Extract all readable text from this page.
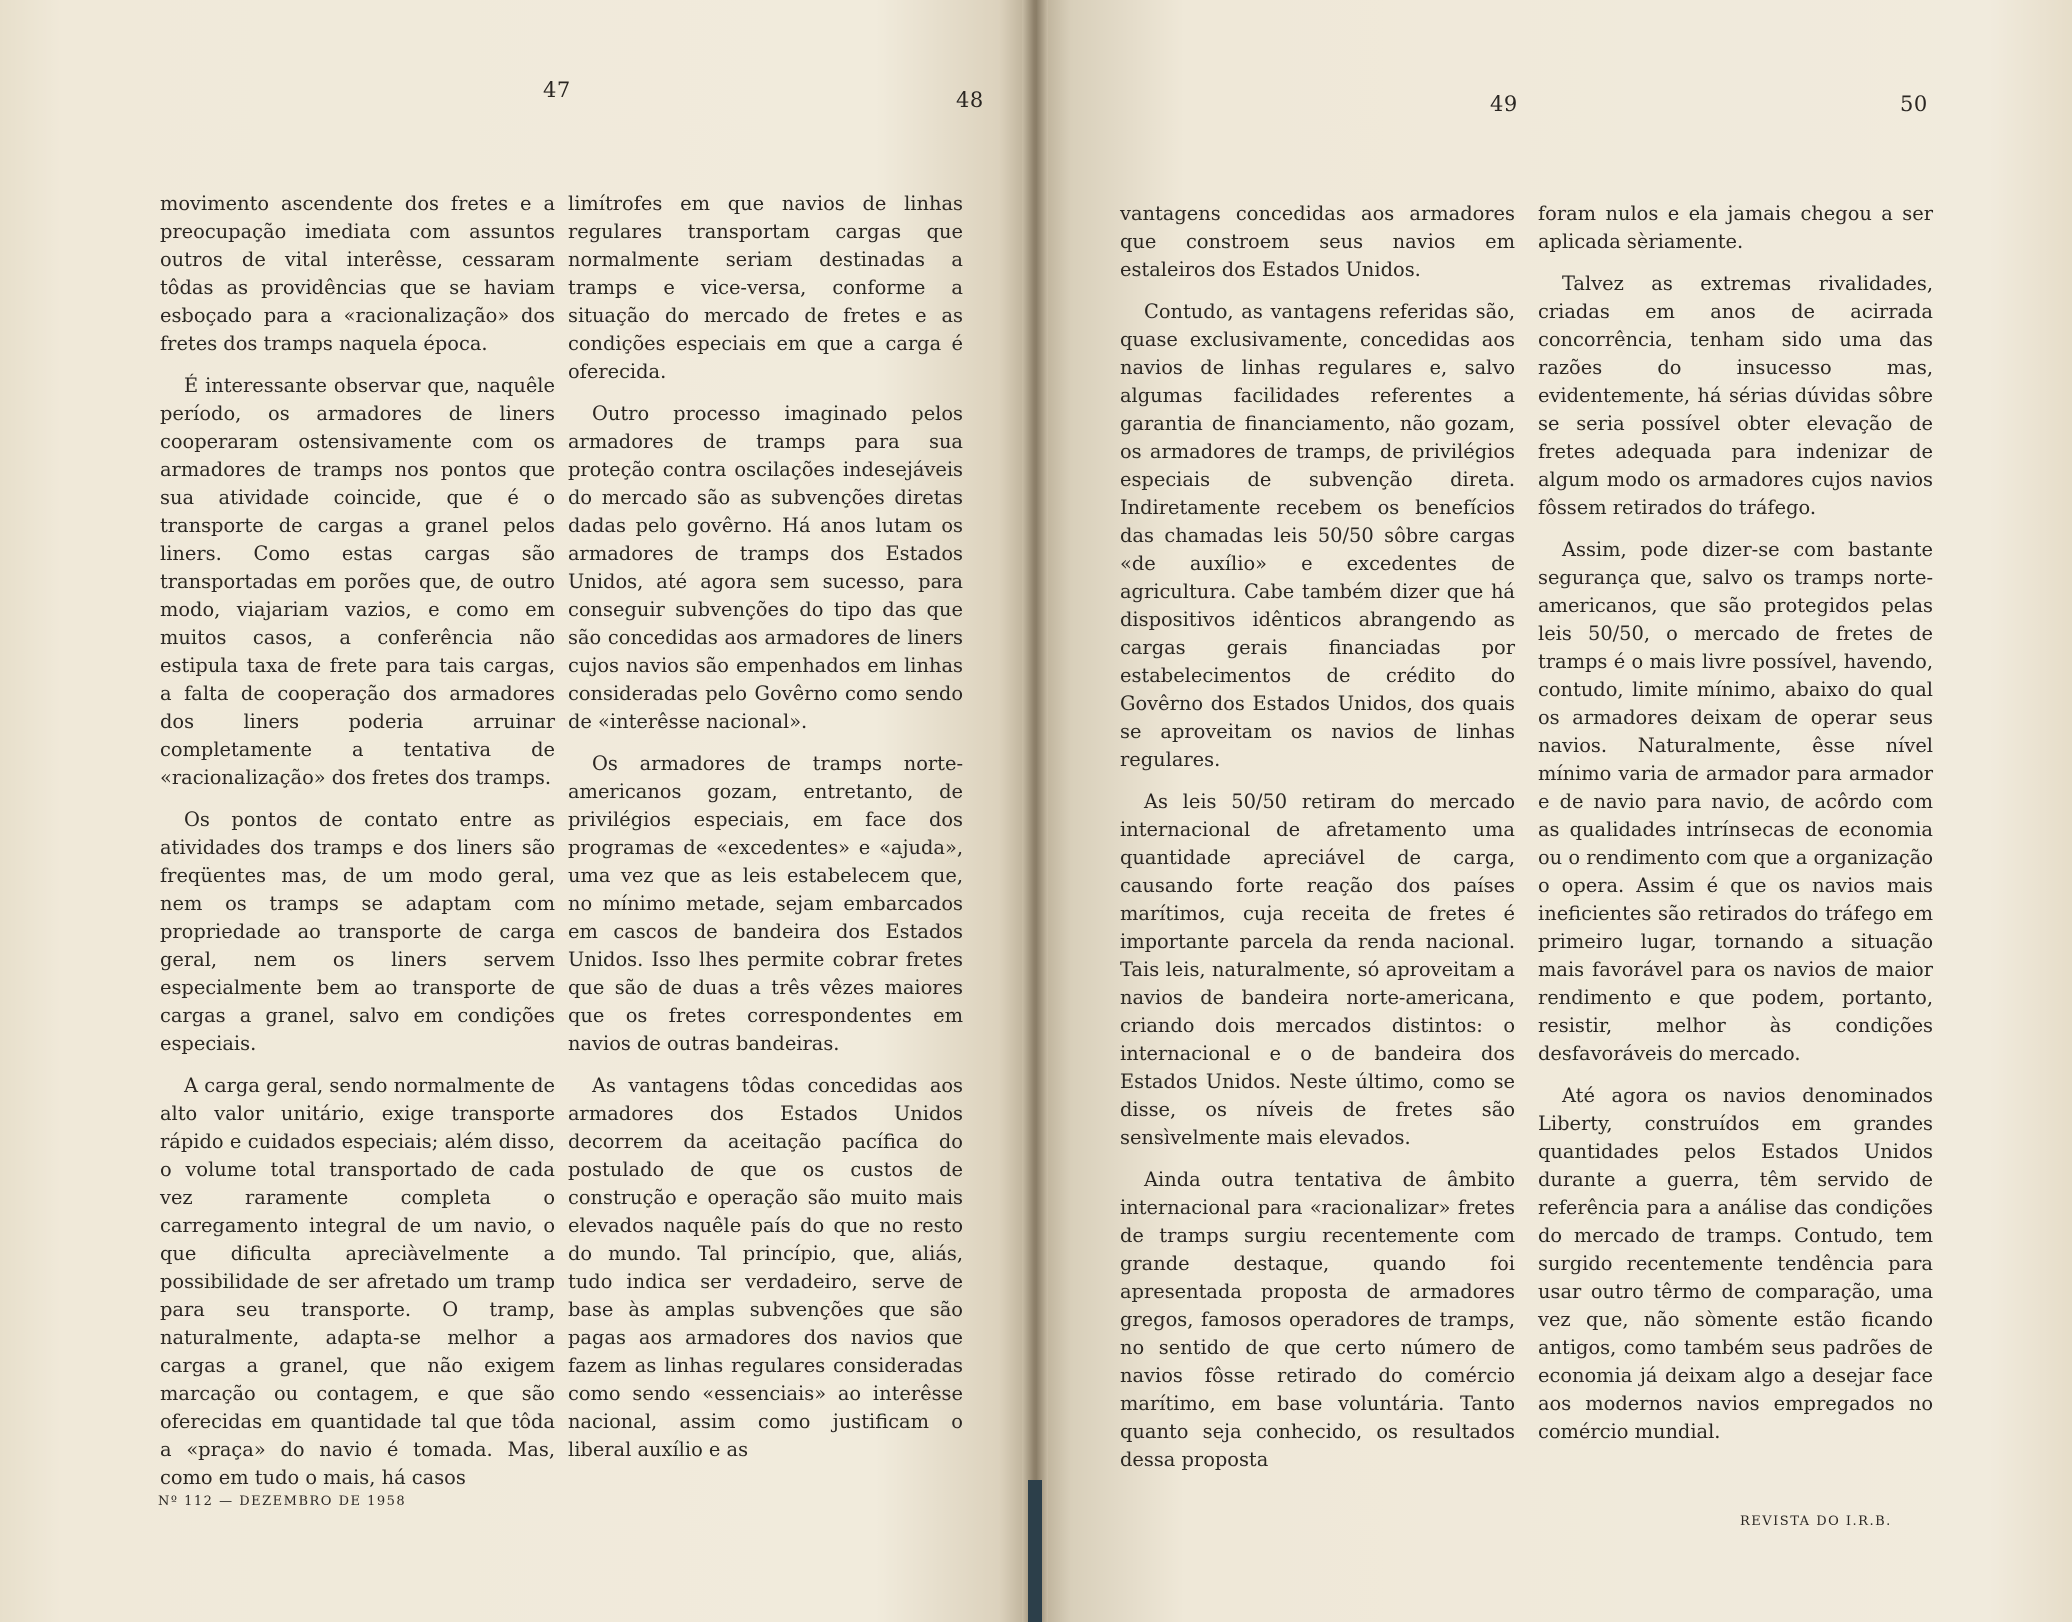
47	48	49	50

movimento ascendente dos fretes e a preocupação imediata com assuntos outros de vital interêsse, cessaram tôdas as providências que se haviam esboçado para a «racionalização» dos fretes dos tramps naquela época.

É interessante observar que, naquêle período, os armadores de liners cooperaram ostensivamente com os armadores de tramps nos pontos que sua atividade coincide, que é o transporte de cargas a granel pelos liners. Como estas cargas são transportadas em porões que, de outro modo, viajariam vazios, e como em muitos casos, a conferência não estipula taxa de frete para tais cargas, a falta de cooperação dos armadores dos liners poderia arruinar completamente a tentativa de «racionalização» dos fretes dos tramps.

Os pontos de contato entre as atividades dos tramps e dos liners são freqüentes mas, de um modo geral, nem os tramps se adaptam com propriedade ao transporte de carga geral, nem os liners servem especialmente bem ao transporte de cargas a granel, salvo em condições especiais.

A carga geral, sendo normalmente de alto valor unitário, exige transporte rápido e cuidados especiais; além disso, o volume total transportado de cada vez raramente completa o carregamento integral de um navio, o que dificulta apreciàvelmente a possibilidade de ser afretado um tramp para seu transporte. O tramp, naturalmente, adapta-se melhor a cargas a granel, que não exigem marcação ou contagem, e que são oferecidas em quantidade tal que tôda a «praça» do navio é tomada. Mas, como em tudo o mais, há casos

limítrofes em que navios de linhas regulares transportam cargas que normalmente seriam destinadas a tramps e vice-versa, conforme a situação do mercado de fretes e as condições especiais em que a carga é oferecida.

Outro processo imaginado pelos armadores de tramps para sua proteção contra oscilações indesejáveis do mercado são as subvenções diretas dadas pelo govêrno. Há anos lutam os armadores de tramps dos Estados Unidos, até agora sem sucesso, para conseguir subvenções do tipo das que são concedidas aos armadores de liners cujos navios são empenhados em linhas consideradas pelo Govêrno como sendo de «interêsse nacional».

Os armadores de tramps norte-americanos gozam, entretanto, de privilégios especiais, em face dos programas de «excedentes» e «ajuda», uma vez que as leis estabelecem que, no mínimo metade, sejam embarcados em cascos de bandeira dos Estados Unidos. Isso lhes permite cobrar fretes que são de duas a três vêzes maiores que os fretes correspondentes em navios de outras bandeiras.

As vantagens tôdas concedidas aos armadores dos Estados Unidos decorrem da aceitação pacífica do postulado de que os custos de construção e operação são muito mais elevados naquêle país do que no resto do mundo. Tal princípio, que, aliás, tudo indica ser verdadeiro, serve de base às amplas subvenções que são pagas aos armadores dos navios que fazem as linhas regulares consideradas como sendo «essenciais» ao interêsse nacional, assim como justificam o liberal auxílio e as

vantagens concedidas aos armadores que constroem seus navios em estaleiros dos Estados Unidos.

Contudo, as vantagens referidas são, quase exclusivamente, concedidas aos navios de linhas regulares e, salvo algumas facilidades referentes a garantia de financiamento, não gozam, os armadores de tramps, de privilégios especiais de subvenção direta. Indiretamente recebem os benefícios das chamadas leis 50/50 sôbre cargas «de auxílio» e excedentes de agricultura. Cabe também dizer que há dispositivos idênticos abrangendo as cargas gerais financiadas por estabelecimentos de crédito do Govêrno dos Estados Unidos, dos quais se aproveitam os navios de linhas regulares.

As leis 50/50 retiram do mercado internacional de afretamento uma quantidade apreciável de carga, causando forte reação dos países marítimos, cuja receita de fretes é importante parcela da renda nacional. Tais leis, naturalmente, só aproveitam a navios de bandeira norte-americana, criando dois mercados distintos: o internacional e o de bandeira dos Estados Unidos. Neste último, como se disse, os níveis de fretes são sensìvelmente mais elevados.

Ainda outra tentativa de âmbito internacional para «racionalizar» fretes de tramps surgiu recentemente com grande destaque, quando foi apresentada proposta de armadores gregos, famosos operadores de tramps, no sentido de que certo número de navios fôsse retirado do comércio marítimo, em base voluntária. Tanto quanto seja conhecido, os resultados dessa proposta

foram nulos e ela jamais chegou a ser aplicada sèriamente.

Talvez as extremas rivalidades, criadas em anos de acirrada concorrência, tenham sido uma das razões do insucesso mas, evidentemente, há sérias dúvidas sôbre se seria possível obter elevação de fretes adequada para indenizar de algum modo os armadores cujos navios fôssem retirados do tráfego.

Assim, pode dizer-se com bastante segurança que, salvo os tramps norte-americanos, que são protegidos pelas leis 50/50, o mercado de fretes de tramps é o mais livre possível, havendo, contudo, limite mínimo, abaixo do qual os armadores deixam de operar seus navios. Naturalmente, êsse nível mínimo varia de armador para armador e de navio para navio, de acôrdo com as qualidades intrínsecas de economia ou o rendimento com que a organização o opera. Assim é que os navios mais ineficientes são retirados do tráfego em primeiro lugar, tornando a situação mais favorável para os navios de maior rendimento e que podem, portanto, resistir, melhor às condições desfavoráveis do mercado.

Até agora os navios denominados Liberty, construídos em grandes quantidades pelos Estados Unidos durante a guerra, têm servido de referência para a análise das condições do mercado de tramps. Contudo, tem surgido recentemente tendência para usar outro têrmo de comparação, uma vez que, não sòmente estão ficando antigos, como também seus padrões de economia já deixam algo a desejar face aos modernos navios empregados no comércio mundial.

Nº 112 — DEZEMBRO DE 1958
REVISTA DO I.R.B.
